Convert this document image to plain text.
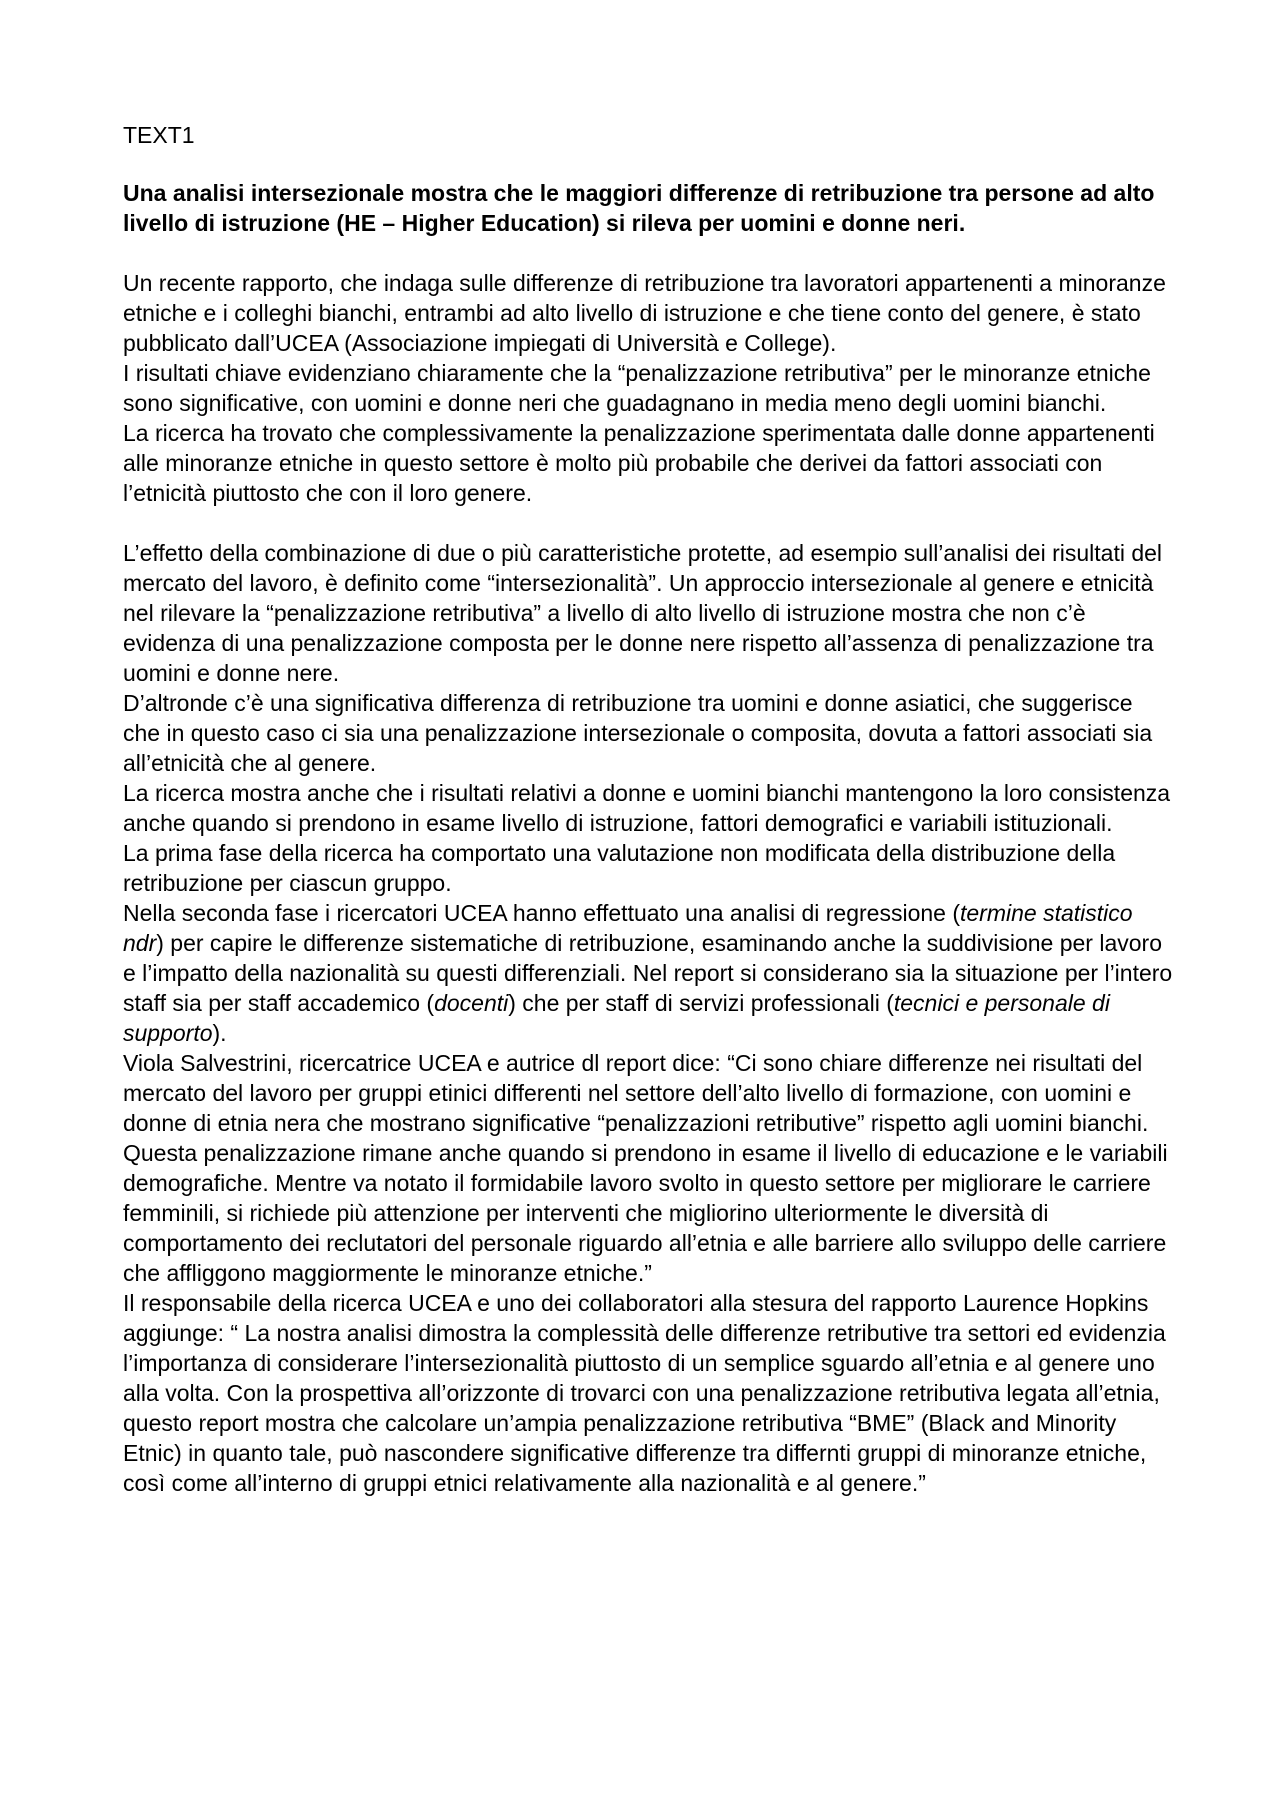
TEXT1

Una analisi intersezionale mostra che le maggiori differenze di retribuzione tra persone ad alto livello di istruzione (HE – Higher Education) si rileva per uomini e donne neri.

Un recente rapporto, che indaga sulle differenze di retribuzione tra lavoratori appartenenti a minoranze etniche e i colleghi bianchi, entrambi ad alto livello di istruzione e che tiene conto del genere, è stato pubblicato dall’UCEA (Associazione impiegati di Università e College).

I risultati chiave evidenziano chiaramente che la “penalizzazione retributiva” per le minoranze etniche sono significative, con uomini e donne neri che guadagnano in media meno degli uomini bianchi.

La ricerca ha trovato che complessivamente la penalizzazione sperimentata dalle donne appartenenti alle minoranze etniche in questo settore è molto più probabile che derivei da fattori associati con l’etnicità piuttosto che con il loro genere.

L’effetto della combinazione di due o più caratteristiche protette, ad esempio sull’analisi dei risultati del mercato del lavoro, è definito come “intersezionalità”. Un approccio intersezionale al genere e etnicità nel rilevare la “penalizzazione retributiva” a livello di alto livello di istruzione mostra che non c’è evidenza di una penalizzazione composta per le donne nere rispetto all’assenza di penalizzazione tra uomini e donne nere.

D’altronde c’è una significativa differenza di retribuzione tra uomini e donne asiatici, che suggerisce che in questo caso ci sia una penalizzazione intersezionale o composita, dovuta a fattori associati sia all’etnicità che al genere.

La ricerca mostra anche che i risultati relativi a donne e uomini bianchi mantengono la loro consistenza anche quando si prendono in esame livello di istruzione, fattori demografici e variabili istituzionali.

La prima fase della ricerca ha comportato una valutazione non modificata della distribuzione della retribuzione per ciascun gruppo.

Nella seconda fase i ricercatori UCEA hanno effettuato una analisi di regressione (termine statistico ndr) per capire le differenze sistematiche di retribuzione, esaminando anche la suddivisione per lavoro e l’impatto della nazionalità su questi differenziali. Nel report si considerano sia la situazione per l’intero staff sia per staff accademico (docenti) che per staff di servizi professionali (tecnici e personale di supporto).

Viola Salvestrini, ricercatrice UCEA e autrice dl report dice: “Ci sono chiare differenze nei risultati del mercato del lavoro per gruppi etinici differenti nel settore dell’alto livello di formazione, con uomini e donne di etnia nera che mostrano significative “penalizzazioni retributive” rispetto agli uomini bianchi. Questa penalizzazione rimane anche quando si prendono in esame il livello di educazione e le variabili demografiche. Mentre va notato il formidabile lavoro svolto in questo settore per migliorare le carriere femminili, si richiede più attenzione per interventi che migliorino ulteriormente le diversità di comportamento dei reclutatori del personale riguardo all’etnia e alle barriere allo sviluppo delle carriere che affliggono maggiormente le minoranze etniche.”

Il responsabile della ricerca UCEA e uno dei collaboratori alla stesura del rapporto Laurence Hopkins aggiunge: “ La nostra analisi dimostra la complessità delle differenze retributive tra settori ed evidenzia l’importanza di considerare l’intersezionalità piuttosto di un semplice sguardo all’etnia e al genere uno alla volta. Con la prospettiva all’orizzonte di trovarci con una penalizzazione retributiva legata all’etnia, questo report mostra che calcolare un’ampia penalizzazione retributiva “BME” (Black and Minority Etnic) in quanto tale, può nascondere significative differenze tra differnti gruppi di minoranze etniche, così come all’interno di gruppi etnici relativamente alla nazionalità e al genere.”
